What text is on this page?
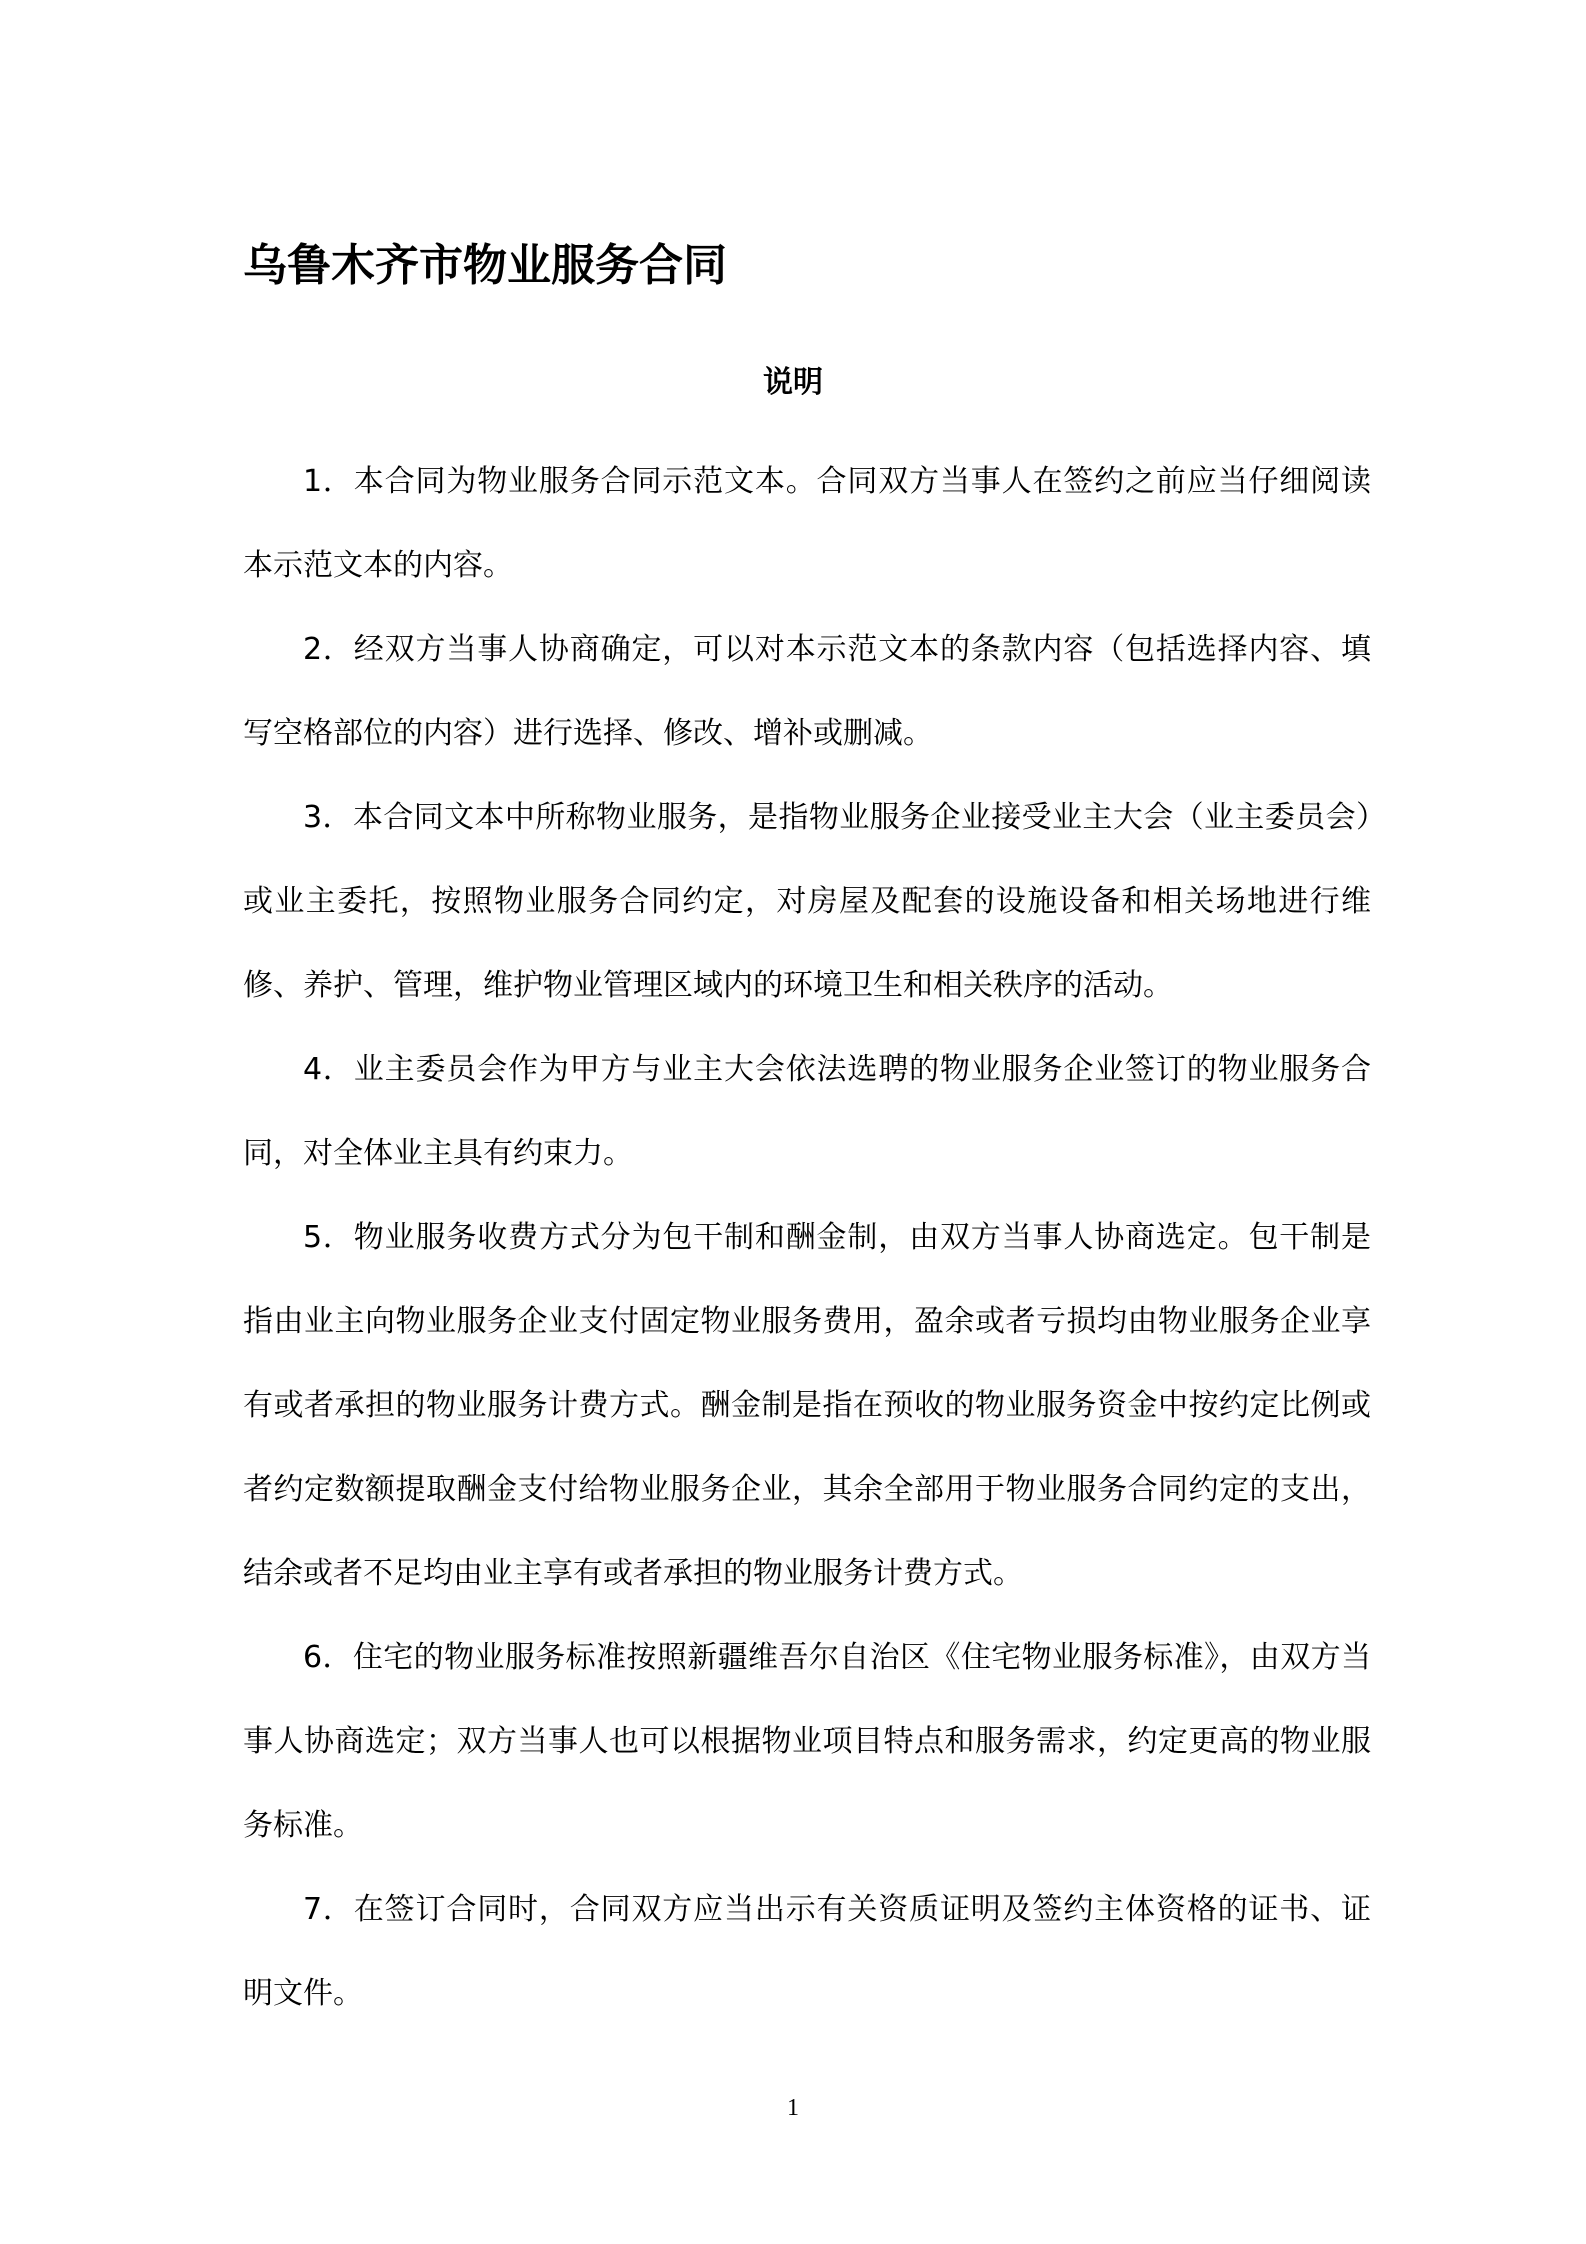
乌鲁木齐市物业服务合同
说明

1．本合同为物业服务合同示范文本。合同双方当事人在签约之前应当仔细阅读本示范文本的内容。

2．经双方当事人协商确定，可以对本示范文本的条款内容（包括选择内容、填写空格部位的内容）进行选择、修改、增补或删减。

3．本合同文本中所称物业服务，是指物业服务企业接受业主大会（业主委员会）或业主委托，按照物业服务合同约定，对房屋及配套的设施设备和相关场地进行维修、养护、管理，维护物业管理区域内的环境卫生和相关秩序的活动。

4．业主委员会作为甲方与业主大会依法选聘的物业服务企业签订的物业服务合同，对全体业主具有约束力。

5．物业服务收费方式分为包干制和酬金制，由双方当事人协商选定。包干制是指由业主向物业服务企业支付固定物业服务费用，盈余或者亏损均由物业服务企业享有或者承担的物业服务计费方式。酬金制是指在预收的物业服务资金中按约定比例或者约定数额提取酬金支付给物业服务企业，其余全部用于物业服务合同约定的支出，结余或者不足均由业主享有或者承担的物业服务计费方式。

6．住宅的物业服务标准按照新疆维吾尔自治区《住宅物业服务标准》，由双方当事人协商选定；双方当事人也可以根据物业项目特点和服务需求，约定更高的物业服务标准。

7．在签订合同时，合同双方应当出示有关资质证明及签约主体资格的证书、证明文件。

1
